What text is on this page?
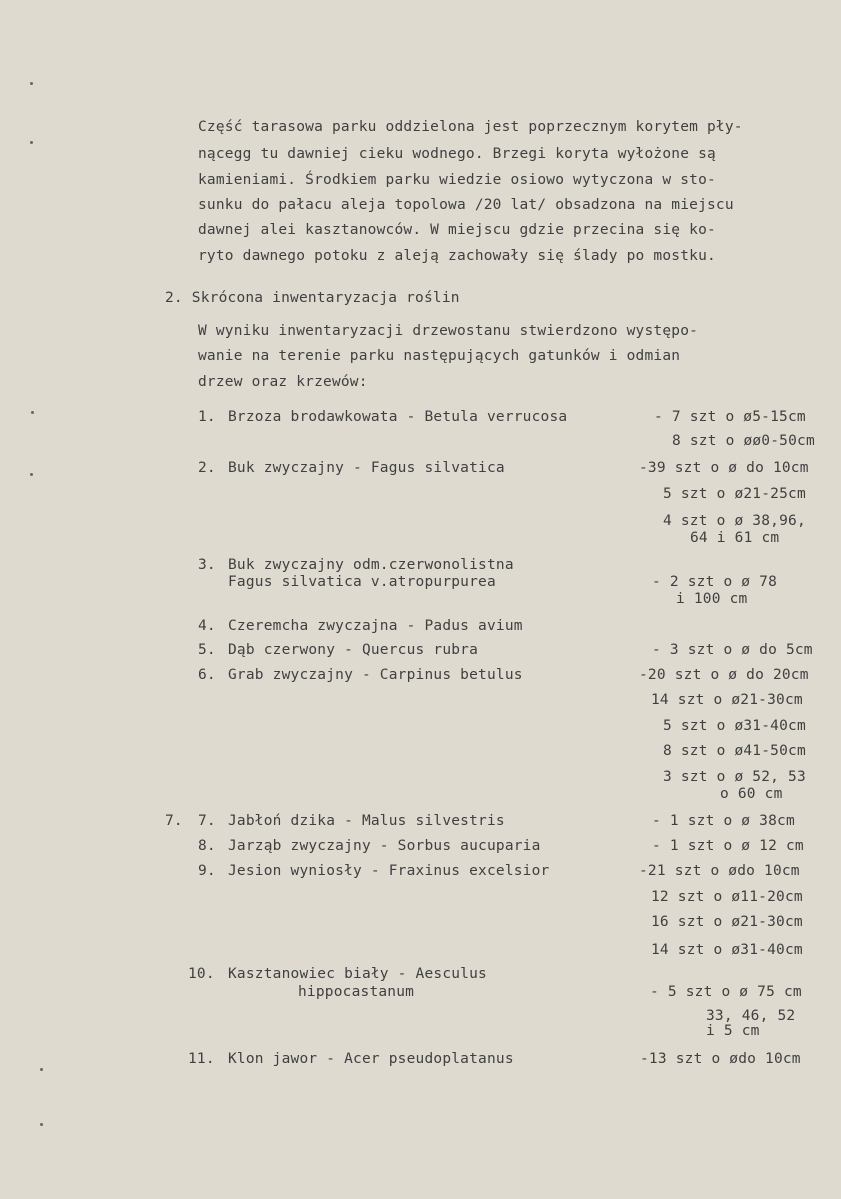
Część tarasowa parku oddzielona jest poprzecznym korytem pły-
nącegg tu dawniej cieku wodnego. Brzegi koryta wyłożone są
kamieniami. Środkiem parku wiedzie osiowo wytyczona w sto-
sunku do pałacu aleja topolowa /20 lat/ obsadzona na miejscu
dawnej alei kasztanowców. W miejscu gdzie przecina się ko-
ryto dawnego potoku z aleją zachowały się ślady po mostku.
2. Skrócona inwentaryzacja roślin
W wyniku inwentaryzacji drzewostanu stwierdzono występo-
wanie na terenie parku następujących gatunków i odmian
drzew oraz krzewów:
1. Brzoza brodawkowata - Betula verrucosa	- 7 szt o ø5-15cm
8 szt o øø0-50cm
2. Buk zwyczajny - Fagus silvatica	-39 szt o ø do 10cm
5 szt o ø21-25cm
4 szt o ø 38,96,
64 i 61 cm
3. Buk zwyczajny odm.czerwonolistna
Fagus silvatica v.atropurpurea	- 2 szt o ø 78
i 100 cm
4. Czeremcha zwyczajna - Padus avium
5. Dąb czerwony - Quercus rubra	- 3 szt o ø do 5cm
6. Grab zwyczajny - Carpinus betulus	-20 szt o ø do 20cm
14 szt o ø21-30cm
5 szt o ø31-40cm
8 szt o ø41-50cm
3 szt o ø 52, 53
o 60 cm
7. 7. Jabłoń dzika - Malus silvestris	- 1 szt o ø 38cm
8. Jarząb zwyczajny - Sorbus aucuparia	- 1 szt o ø 12 cm
9. Jesion wyniosły - Fraxinus excelsior	-21 szt o ødo 10cm
12 szt o ø11-20cm
16 szt o ø21-30cm
14 szt o ø31-40cm
10. Kasztanowiec biały - Aesculus
hippocastanum	- 5 szt o ø 75 cm
33, 46, 52
i 5 cm
11. Klon jawor - Acer pseudoplatanus	-13 szt o ødo 10cm
